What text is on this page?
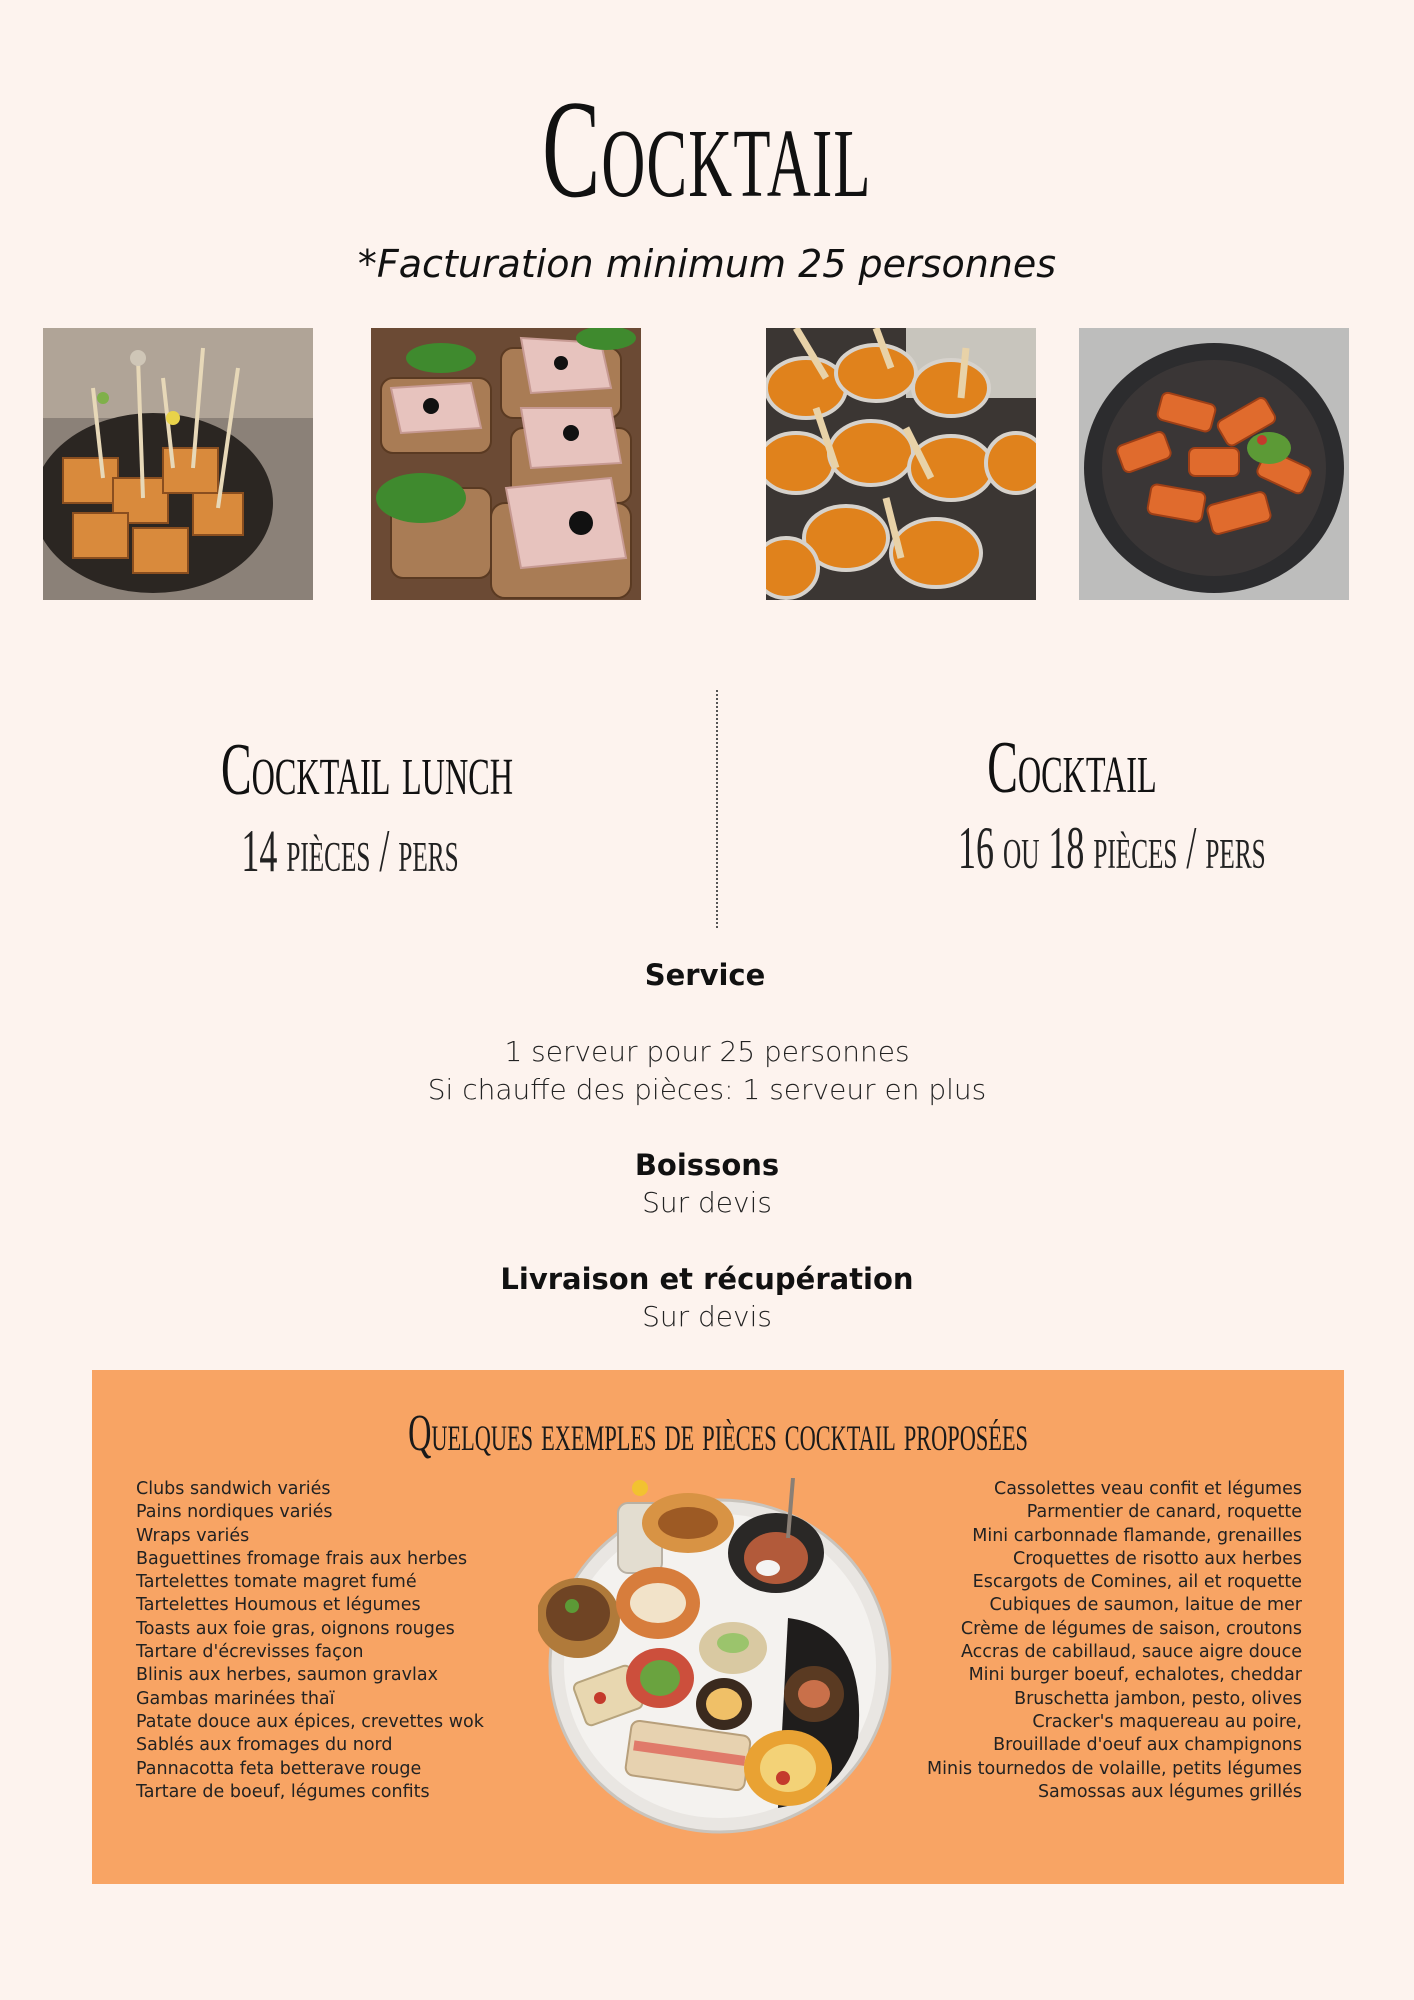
Cocktail
*Facturation minimum 25 personnes
Cocktail lunch
14 pièces / pers
Cocktail
16 ou 18 pièces / pers
Service
1 serveur pour 25 personnes
Si chauffe des pièces: 1 serveur en plus
Boissons
Sur devis
Livraison et récupération
Sur devis
Quelques exemples de pièces cocktail proposées
Clubs sandwich variés
Pains nordiques variés
Wraps variés
Baguettines fromage frais aux herbes
Tartelettes tomate magret fumé
Tartelettes Houmous et légumes
Toasts aux foie gras, oignons rouges
Tartare d'écrevisses façon
Blinis aux herbes, saumon gravlax
Gambas marinées thaï
Patate douce aux épices, crevettes wok
Sablés aux fromages du nord
Pannacotta feta betterave rouge
Tartare de boeuf, légumes confits
Cassolettes veau confit et légumes
Parmentier de canard, roquette
Mini carbonnade flamande, grenailles
Croquettes de risotto aux herbes
Escargots de Comines, ail et roquette
Cubiques de saumon, laitue de mer
Crème de légumes de saison, croutons
Accras de cabillaud, sauce aigre douce
Mini burger boeuf, echalotes, cheddar
Bruschetta jambon, pesto, olives
Cracker's maquereau au poire,
Brouillade d'oeuf aux champignons
Minis tournedos de volaille, petits légumes
Samossas aux légumes grillés
